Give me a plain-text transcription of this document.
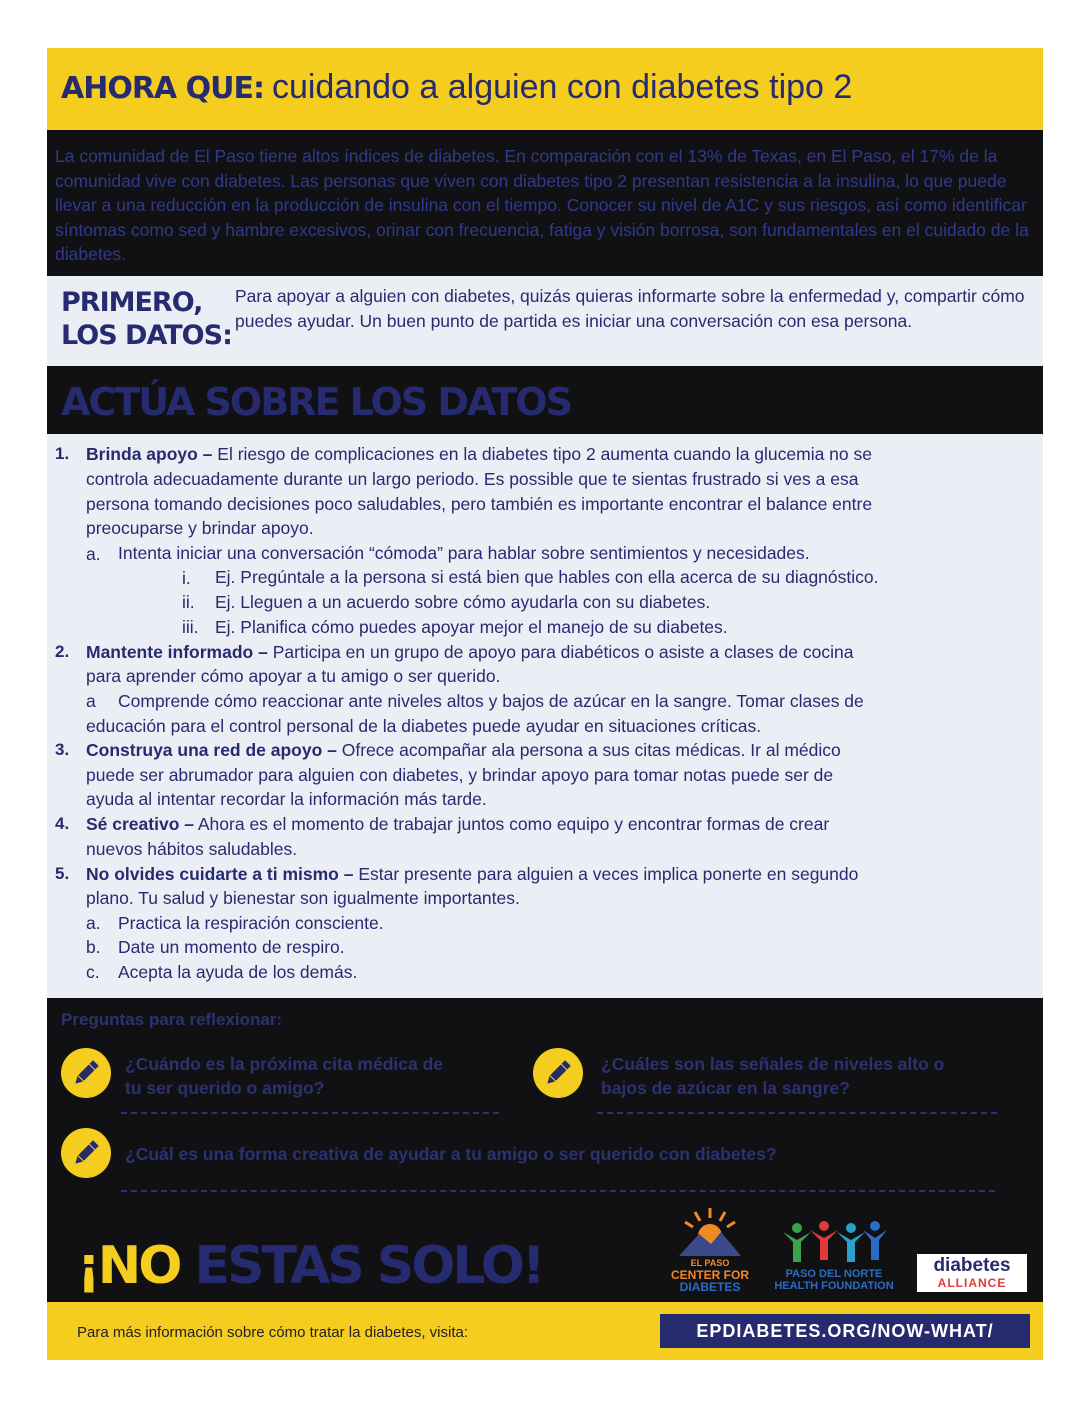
AHORA QUE: cuidando a alguien con diabetes tipo 2
La comunidad de El Paso tiene altos índices de diabetes. En comparación con el 13% de Texas, en El Paso, el 17% de la comunidad vive con diabetes. Las personas que viven con diabetes tipo 2 presentan resistencia a la insulina, lo que puede llevar a una reducción en la producción de insulina con el tiempo. Conocer su nivel de A1C y sus riesgos, así como identificar síntomas como sed y hambre excesivos, orinar con frecuencia, fatiga y visión borrosa, son fundamentales en el cuidado de la diabetes.
PRIMERO,
LOS DATOS:
Para apoyar a alguien con diabetes, quizás quieras informarte sobre la enfermedad y, compartir cómo puedes ayudar. Un buen punto de partida es iniciar una conversación con esa persona.
ACTÚA SOBRE LOS DATOS
1. Brinda apoyo – El riesgo de complicaciones en la diabetes tipo 2 aumenta cuando la glucemia no se
controla adecuadamente durante un largo periodo. Es possible que te sientas frustrado si ves a esa
persona tomando decisiones poco saludables, pero también es importante encontrar el balance entre
preocuparse y brindar apoyo.
a. Intenta iniciar una conversación “cómoda” para hablar sobre sentimientos y necesidades.
i. Ej. Pregúntale a la persona si está bien que hables con ella acerca de su diagnóstico.
ii. Ej. Lleguen a un acuerdo sobre cómo ayudarla con su diabetes.
iii. Ej. Planifica cómo puedes apoyar mejor el manejo de su diabetes.
2. Mantente informado – Participa en un grupo de apoyo para diabéticos o asiste a clases de cocina
para aprender cómo apoyar a tu amigo o ser querido.
a Comprende cómo reaccionar ante niveles altos y bajos de azúcar en la sangre. Tomar clases de
educación para el control personal de la diabetes puede ayudar en situaciones críticas.
3. Construya una red de apoyo – Ofrece acompañar ala persona a sus citas médicas. Ir al médico
puede ser abrumador para alguien con diabetes, y brindar apoyo para tomar notas puede ser de
ayuda al intentar recordar la información más tarde.
4. Sé creativo – Ahora es el momento de trabajar juntos como equipo y encontrar formas de crear
nuevos hábitos saludables.
5. No olvides cuidarte a ti mismo – Estar presente para alguien a veces implica ponerte en segundo
plano. Tu salud y bienestar son igualmente importantes.
a. Practica la respiración consciente.
b. Date un momento de respiro.
c. Acepta la ayuda de los demás.
Preguntas para reflexionar:
¿Cuándo es la próxima cita médica de
tu ser querido o amigo?
¿Cuáles son las señales de niveles alto o
bajos de azúcar en la sangre?
¿Cuál es una forma creativa de ayudar a tu amigo o ser querido con diabetes?
¡NO ESTAS SOLO!	EL PASO
CENTER FOR
DIABETES
PASO DEL NORTE
HEALTH FOUNDATION
diabetes
ALLIANCE
Para más información sobre cómo tratar la diabetes, visita:	EPDIABETES.ORG/NOW-WHAT/
